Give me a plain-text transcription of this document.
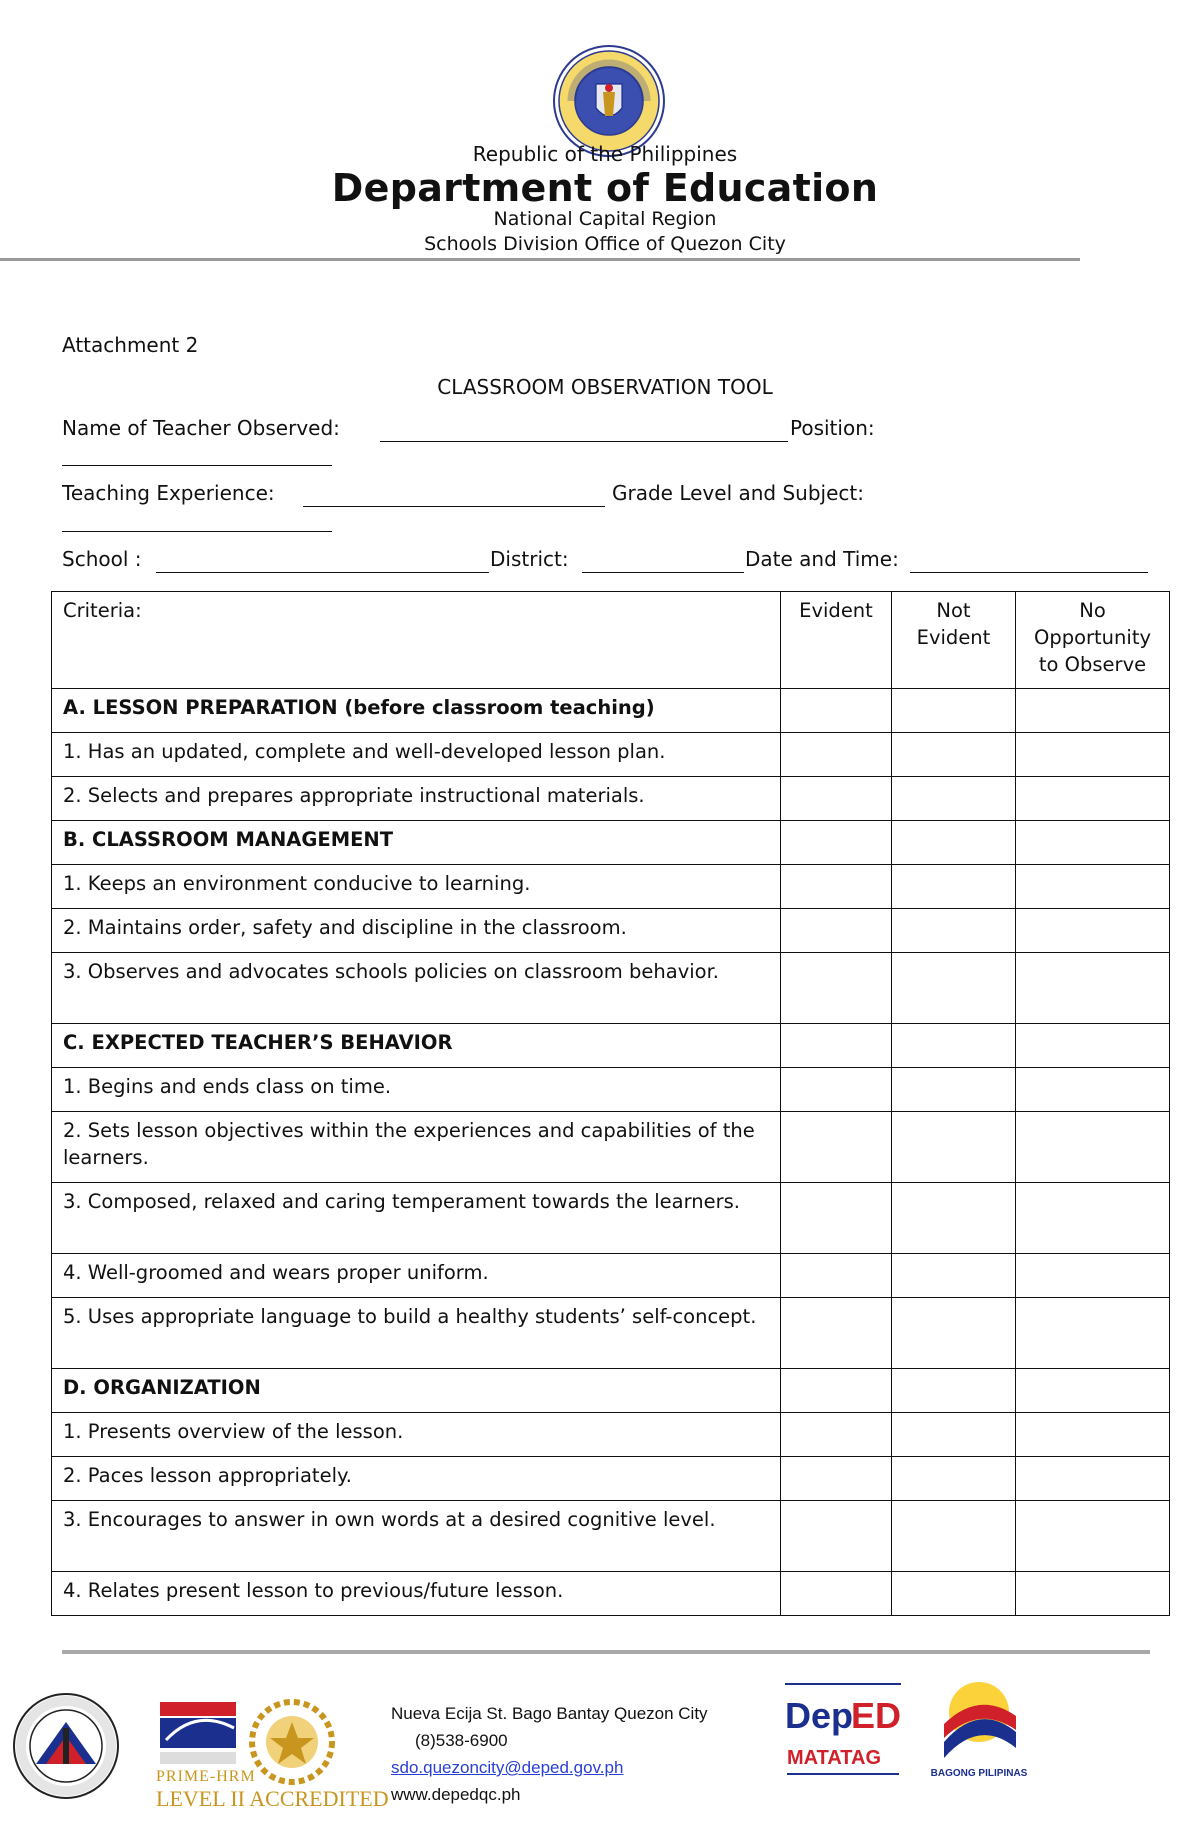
Republic of the Philippines
Department of Education
National Capital Region
Schools Division Office of Quezon City
Attachment 2
CLASSROOM OBSERVATION TOOL
Name of Teacher Observed:	Position:
Teaching Experience:	Grade Level and Subject:
School :	District:	Date and Time:
Criteria:	Evident	Not Evident	No Opportunity to Observe
A. LESSON PREPARATION (before classroom teaching)			
1. Has an updated, complete and well-developed lesson plan.			
2. Selects and prepares appropriate instructional materials.			
B. CLASSROOM MANAGEMENT			
1. Keeps an environment conducive to learning.			
2. Maintains order, safety and discipline in the classroom.			
3. Observes and advocates schools policies on classroom behavior.			
C. EXPECTED TEACHER’S BEHAVIOR			
1. Begins and ends class on time.			
2. Sets lesson objectives within the experiences and capabilities of the learners.			
3. Composed, relaxed and caring temperament towards the learners.			
4. Well-groomed and wears proper uniform.			
5. Uses appropriate language to build a healthy students’ self-concept.			
D. ORGANIZATION			
1. Presents overview of the lesson.			
2. Paces lesson appropriately.			
3. Encourages to answer in own words at a desired cognitive level.			
4. Relates present lesson to previous/future lesson.			
PRIME-HRM
LEVEL II ACCREDITED
Nueva Ecija St. Bago Bantay Quezon City
(8)538-6900
sdo.quezoncity@deped.gov.ph
www.depedqc.ph
Dep
ED
MATATAG
BAGONG PILIPINAS
